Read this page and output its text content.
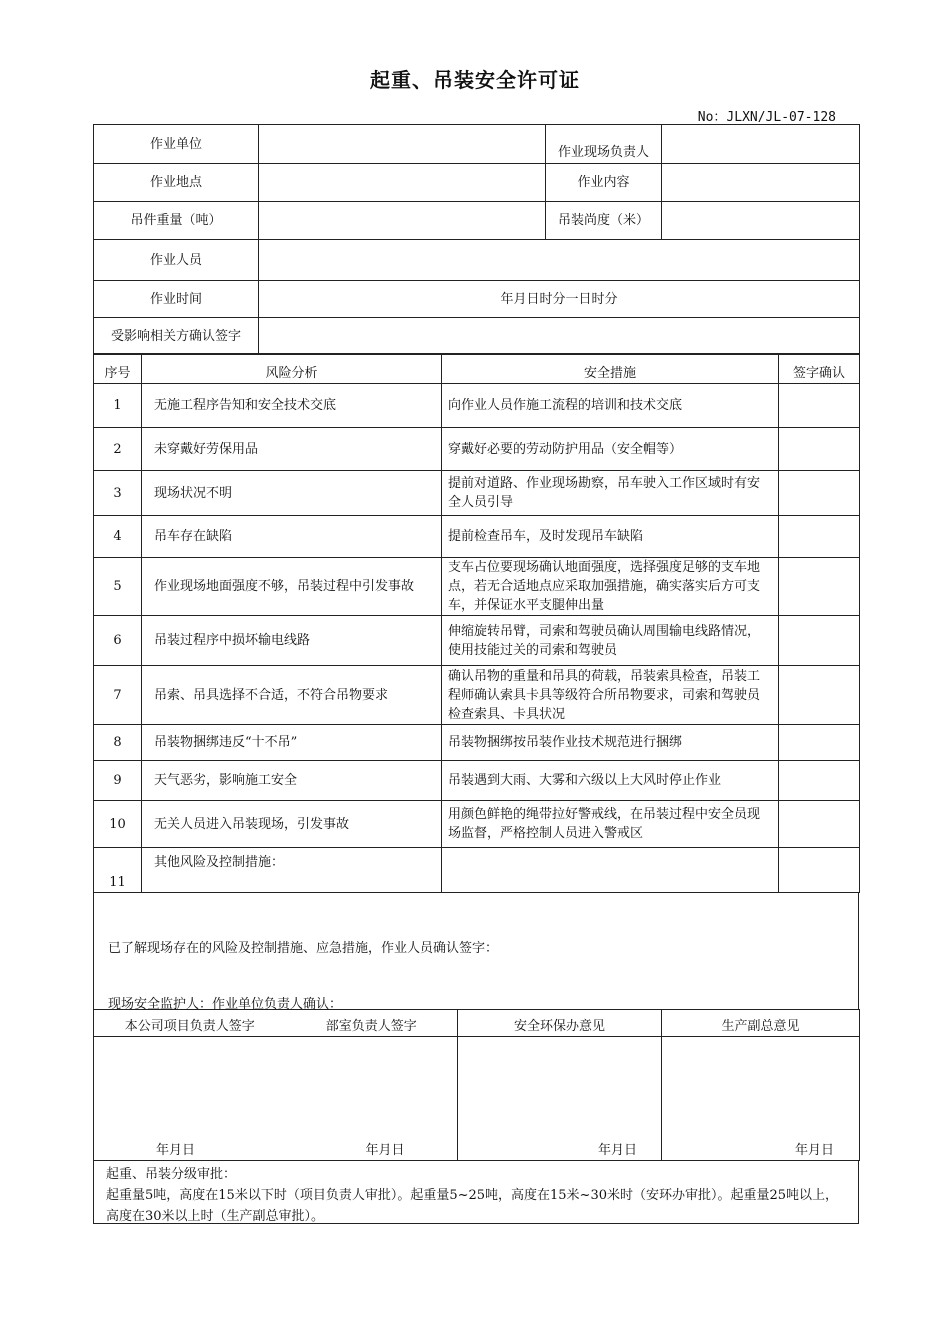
起重、吊装安全许可证
No：JLXN/JL-07-128
作业单位		作业现场负责人	
作业地点		作业内容	
吊件重量（吨）		吊装尚度（米）	
作业人员			
作业时间	年月日时分一日时分		
受影响相关方确认签字			
序号	风险分析	安全措施	签字确认
1	无施工程序告知和安全技术交底	向作业人员作施工流程的培训和技术交底	
2	未穿戴好劳保用品	穿戴好必要的劳动防护用品（安全帽等）	
3	现场状况不明	提前对道路、作业现场勘察，吊车驶入工作区域时有安全人员引导	
4	吊车存在缺陷	提前检查吊车，及时发现吊车缺陷	
5	作业现场地面强度不够，吊装过程中引发事故	支车占位要现场确认地面强度，选择强度足够的支车地点，若无合适地点应采取加强措施，确实落实后方可支车，并保证水平支腿伸出量	
6	吊装过程序中损坏输电线路	伸缩旋转吊臂，司索和驾驶员确认周围输电线路情况，使用技能过关的司索和驾驶员	
7	吊索、吊具选择不合适，不符合吊物要求	确认吊物的重量和吊具的荷载，吊装索具检查，吊装工程师确认索具卡具等级符合所吊物要求，司索和驾驶员检查索具、卡具状况	
8	吊装物捆绑违反“十不吊”	吊装物捆绑按吊装作业技术规范进行捆绑	
9	天气恶劣，影响施工安全	吊装遇到大雨、大雾和六级以上大风时停止作业	
10	无关人员进入吊装现场，引发事故	用颜色鲜艳的绳带拉好警戒线，在吊装过程中安全员现场监督，严格控制人员进入警戒区	
11	其他风险及控制措施：		
已了解现场存在的风险及控制措施、应急措施，作业人员确认签字：
现场安全监护人：作业单位负责人确认：
本公司项目负责人签字	部室负责人签字	安全环保办意见	生产副总意见
年月日	年月日	年月日	年月日
起重、吊装分级审批：
起重量5吨，高度在15米以下时（项目负责人审批）。起重量5~25吨，高度在15米~30米时（安环办审批）。起重量25吨以上，高度在30米以上时（生产副总审批）。
